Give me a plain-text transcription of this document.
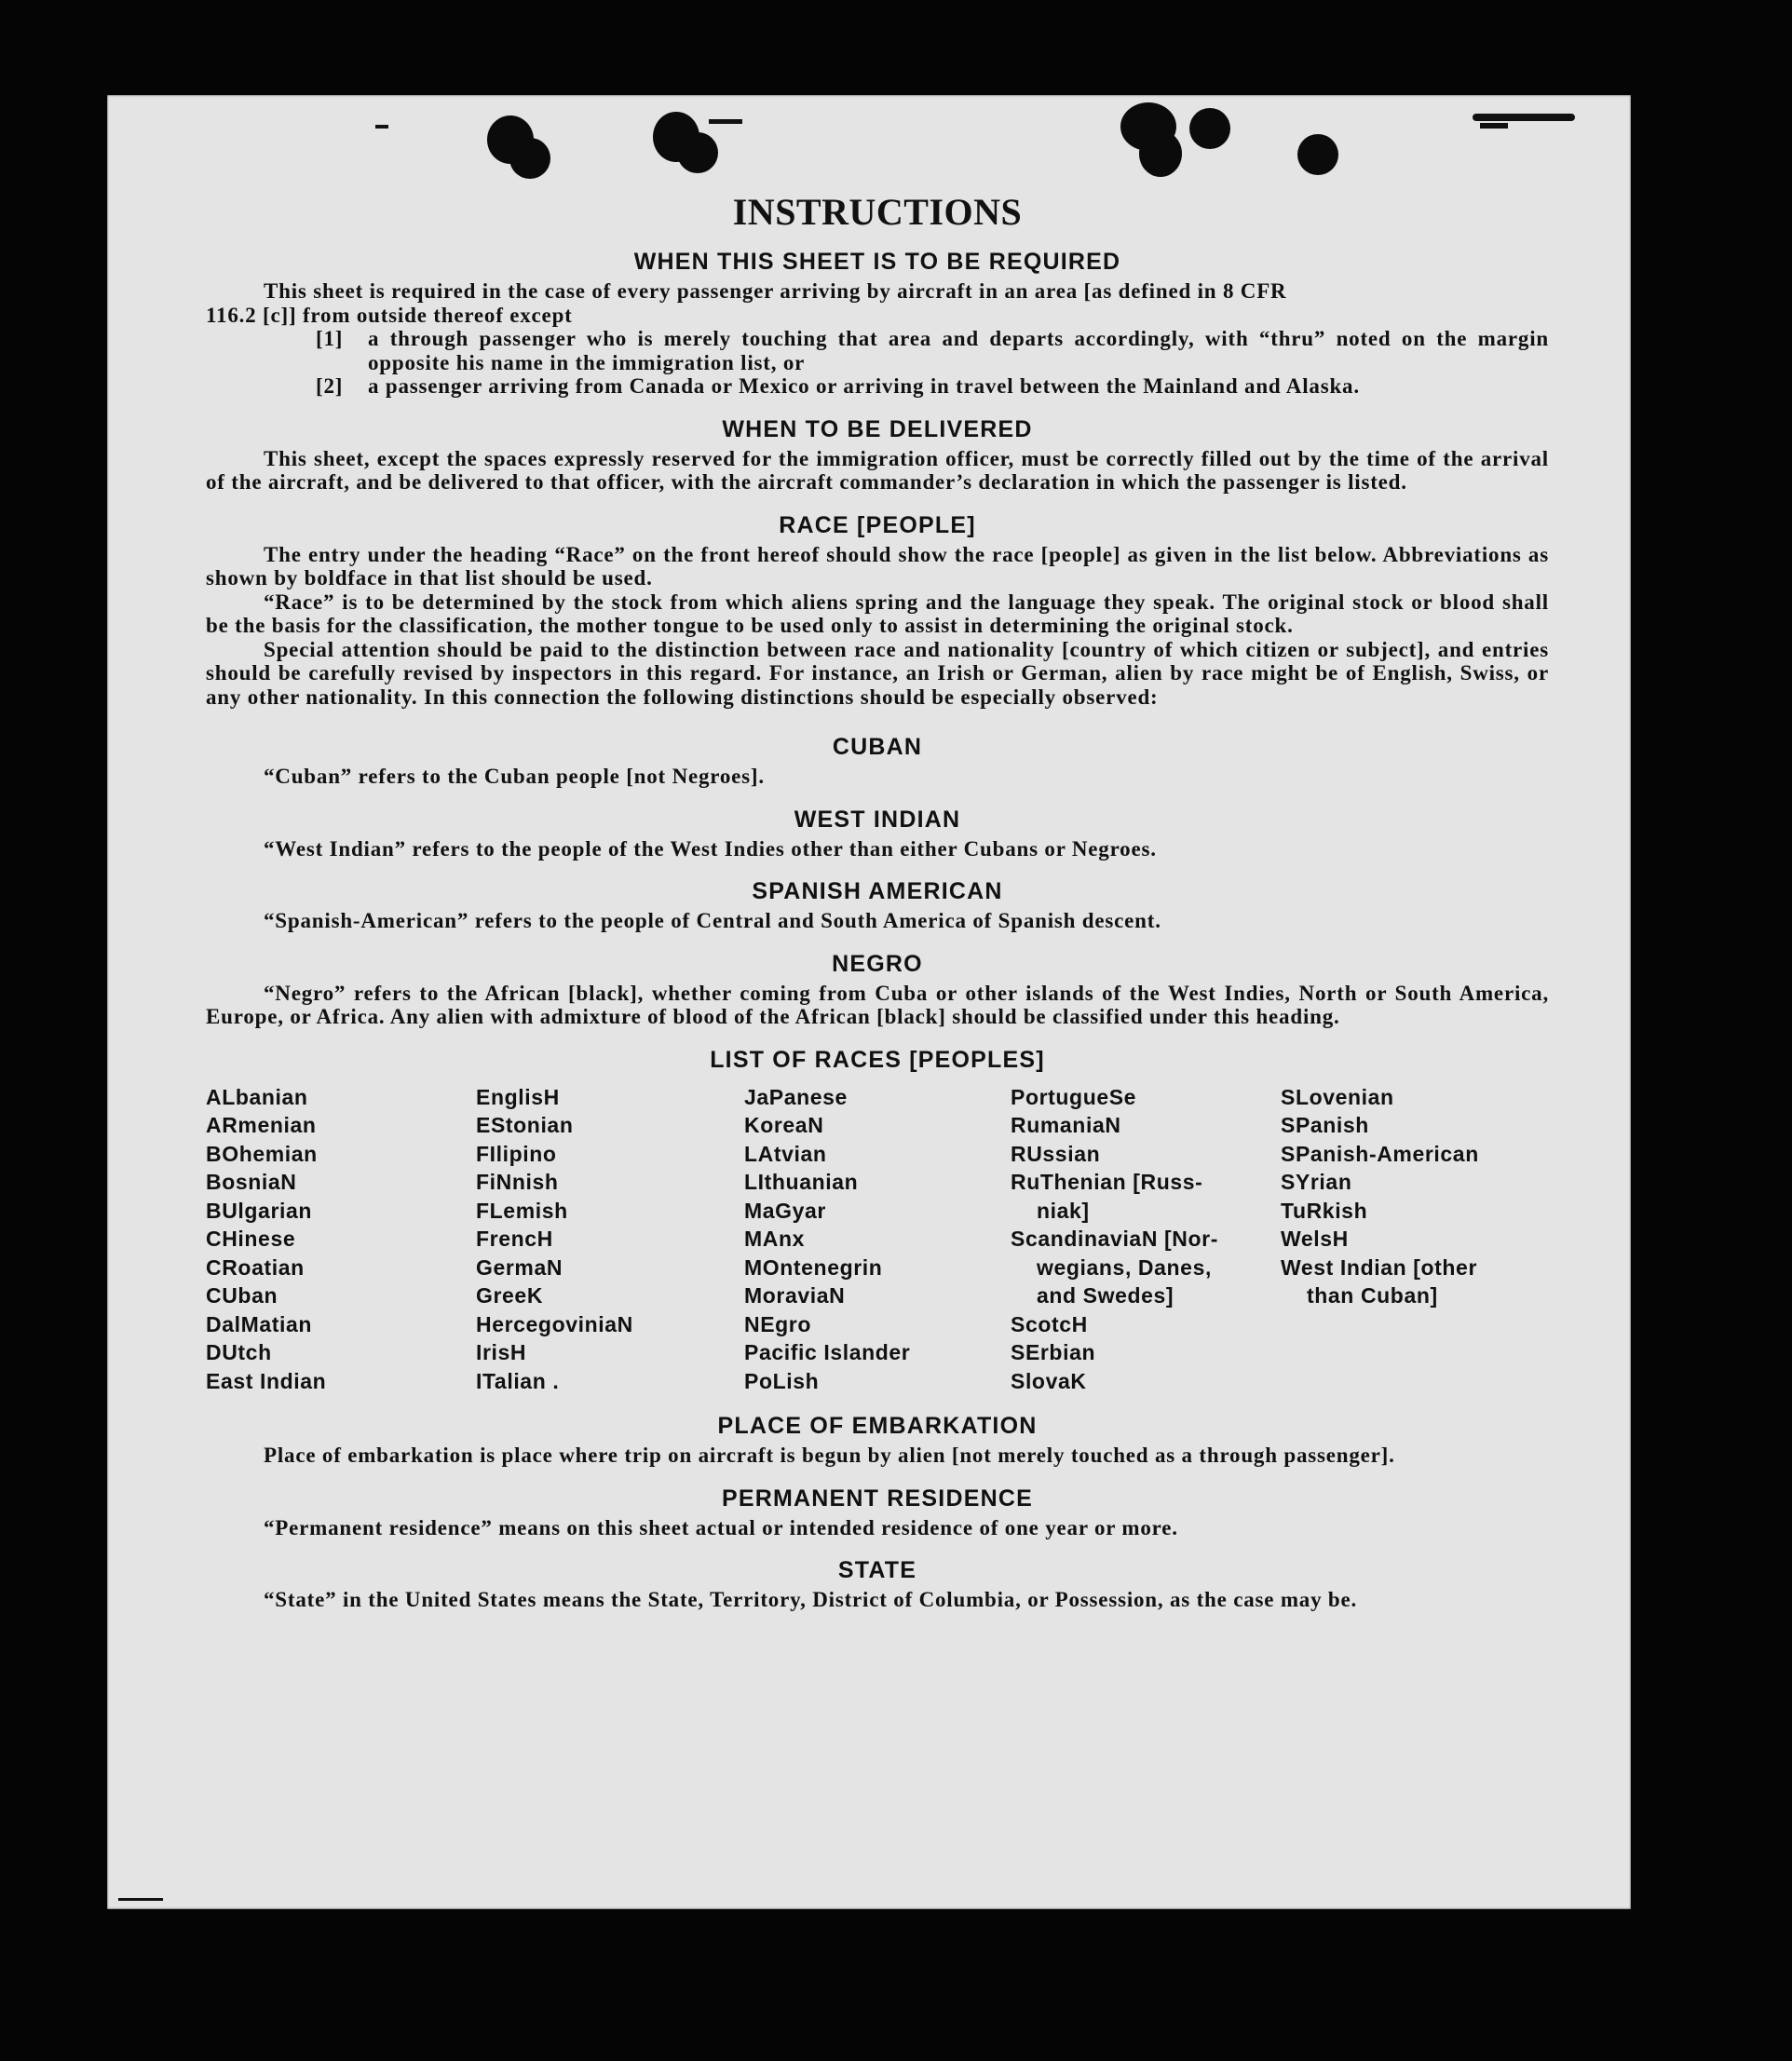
INSTRUCTIONS
WHEN THIS SHEET IS TO BE REQUIRED

This sheet is required in the case of every passenger arriving by aircraft in an area [as defined in 8 CFR

116.2 [c]] from outside thereof except

[1]	a through passenger who is merely touching that area and departs accordingly, with “thru” noted on the margin opposite his name in the immigration list, or

[2]	a passenger arriving from Canada or Mexico or arriving in travel between the Mainland and Alaska.

WHEN TO BE DELIVERED

This sheet, except the spaces expressly reserved for the immigration officer, must be correctly filled out by the time of the arrival of the aircraft, and be delivered to that officer, with the aircraft commander’s declaration in which the passenger is listed.

RACE [PEOPLE]

The entry under the heading “Race” on the front hereof should show the race [people] as given in the list below. Abbreviations as shown by boldface in that list should be used.

“Race” is to be determined by the stock from which aliens spring and the language they speak. The original stock or blood shall be the basis for the classification, the mother tongue to be used only to assist in determining the original stock.

Special attention should be paid to the distinction between race and nationality [country of which citizen or subject], and entries should be carefully revised by inspectors in this regard. For instance, an Irish or German, alien by race might be of English, Swiss, or any other nationality. In this connection the following distinctions should be especially observed:

CUBAN

“Cuban” refers to the Cuban people [not Negroes].

WEST INDIAN

“West Indian” refers to the people of the West Indies other than either Cubans or Negroes.

SPANISH AMERICAN

“Spanish-American” refers to the people of Central and South America of Spanish descent.

NEGRO

“Negro” refers to the African [black], whether coming from Cuba or other islands of the West Indies, North or South America, Europe, or Africa. Any alien with admixture of blood of the African [black] should be classified under this heading.

LIST OF RACES [PEOPLES]
ALbanian
ARmenian
BOhemian
BosniaN
BUlgarian
CHinese
CRoatian
CUban
DalMatian
DUtch
East Indian
EnglisH
EStonian
FIlipino
FiNnish
FLemish
FrencH
GermaN
GreeK
HercegoviniaN
IrisH
ITalian .
JaPanese
KoreaN
LAtvian
LIthuanian
MaGyar
MAnx
MOntenegrin
MoraviaN
NEgro
Pacific Islander
PoLish
PortugueSe
RumaniaN
RUssian
RuThenian [Russ-
niak]
ScandinaviaN [Nor-
wegians, Danes,
and Swedes]
ScotcH
SErbian
SlovaK
SLovenian
SPanish
SPanish-American
SYrian
TuRkish
WelsH
West Indian [other
than Cuban]
PLACE OF EMBARKATION

Place of embarkation is place where trip on aircraft is begun by alien [not merely touched as a through passenger].

PERMANENT RESIDENCE

“Permanent residence” means on this sheet actual or intended residence of one year or more.

STATE

“State” in the United States means the State, Territory, District of Columbia, or Possession, as the case may be.
